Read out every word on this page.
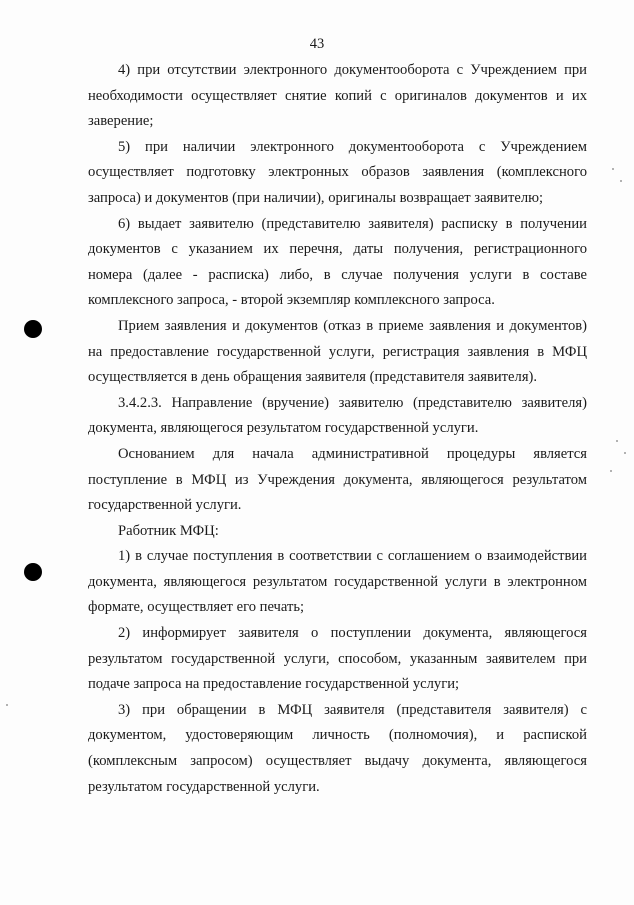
43
4) при отсутствии электронного документооборота с Учреждением при
необходимости осуществляет снятие копий с оригиналов документов и их
заверение;
5) при наличии электронного документооборота с Учреждением
осуществляет подготовку электронных образов заявления (комплексного
запроса) и документов (при наличии), оригиналы возвращает заявителю;
6) выдает заявителю (представителю заявителя) расписку в получении
документов с указанием их перечня, даты получения, регистрационного
номера (далее - расписка) либо, в случае получения услуги в составе
комплексного запроса, - второй экземпляр комплексного запроса.
Прием заявления и документов (отказ в приеме заявления и документов)
на предоставление государственной услуги, регистрация заявления в МФЦ
осуществляется в день обращения заявителя (представителя заявителя).
3.4.2.3. Направление (вручение) заявителю (представителю заявителя)
документа, являющегося результатом государственной услуги.
Основанием для начала административной процедуры является
поступление в МФЦ из Учреждения документа, являющегося результатом
государственной услуги.
Работник МФЦ:
1) в случае поступления в соответствии с соглашением о взаимодействии
документа, являющегося результатом государственной услуги в электронном
формате, осуществляет его печать;
2) информирует заявителя о поступлении документа, являющегося
результатом государственной услуги, способом, указанным заявителем при
подаче запроса на предоставление государственной услуги;
3) при обращении в МФЦ заявителя (представителя заявителя) с
документом, удостоверяющим личность (полномочия), и распиской
(комплексным запросом) осуществляет выдачу документа, являющегося
результатом государственной услуги.
